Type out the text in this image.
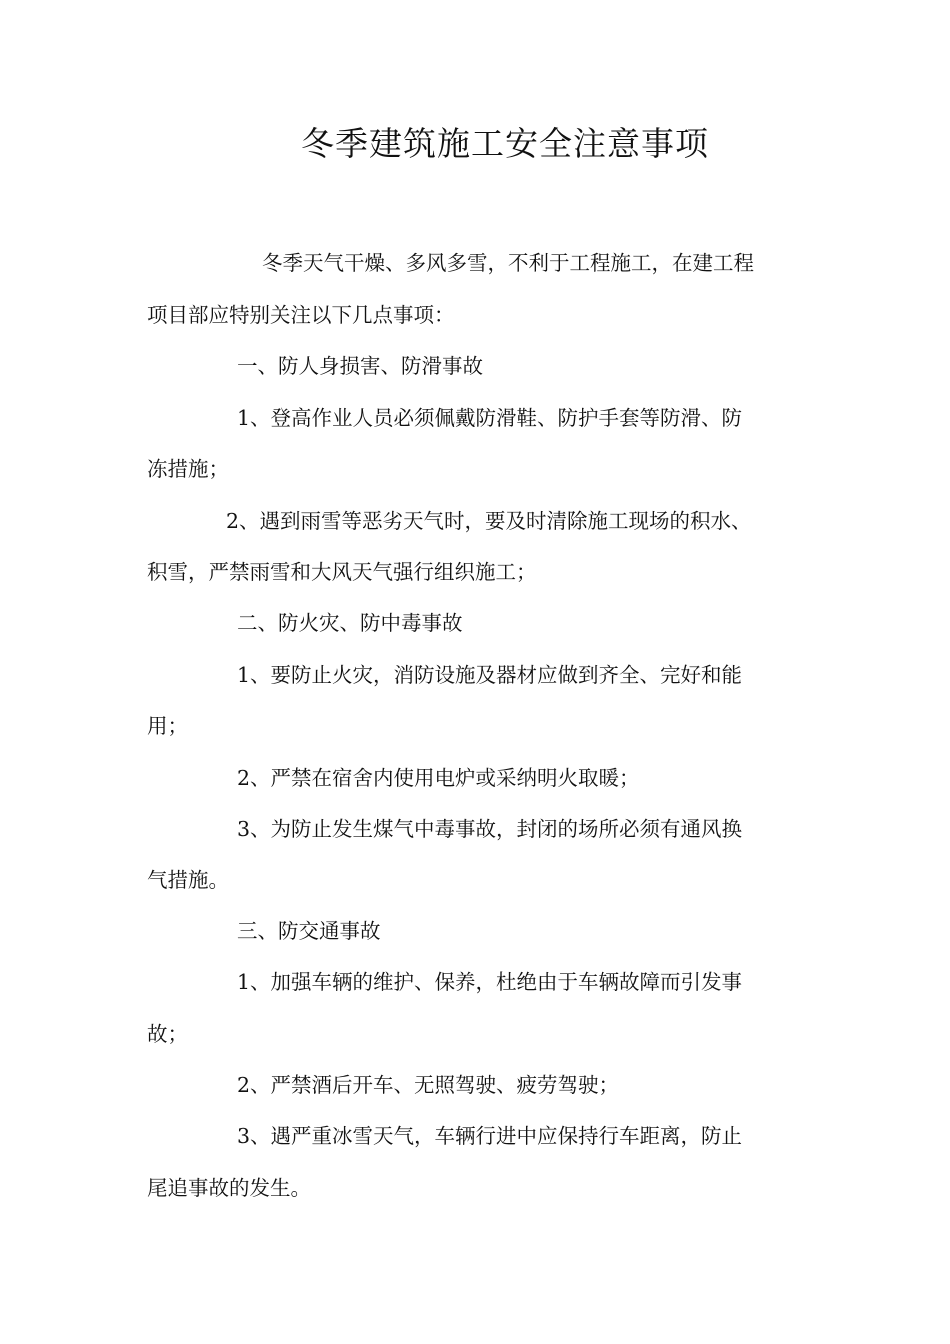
冬季建筑施工安全注意事项
冬季天气干燥、多风多雪，不利于工程施工，在建工程
项目部应特别关注以下几点事项：
一、防人身损害、防滑事故
1、登高作业人员必须佩戴防滑鞋、防护手套等防滑、防
冻措施；
2、遇到雨雪等恶劣天气时，要及时清除施工现场的积水、
积雪，严禁雨雪和大风天气强行组织施工；
二、防火灾、防中毒事故
1、要防止火灾，消防设施及器材应做到齐全、完好和能
用；
2、严禁在宿舍内使用电炉或采纳明火取暖；
3、为防止发生煤气中毒事故，封闭的场所必须有通风换
气措施。
三、防交通事故
1、加强车辆的维护、保养，杜绝由于车辆故障而引发事
故；
2、严禁酒后开车、无照驾驶、疲劳驾驶；
3、遇严重冰雪天气，车辆行进中应保持行车距离，防止
尾追事故的发生。
